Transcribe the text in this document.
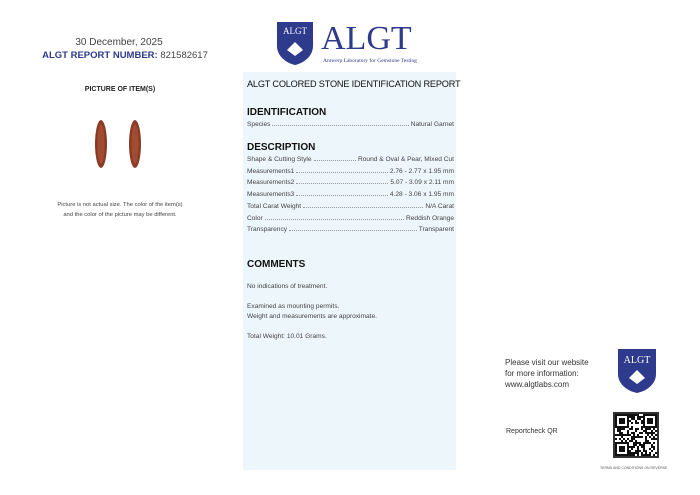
30 December, 2025
ALGT REPORT NUMBER: 821582617
PICTURE OF ITEM(S)
Picture is not actual size. The color of the item(s)
and the color of the picture may be different.
ALGT ALGT
Antwerp Laboratory for Gemstone Testing
ALGT COLORED STONE IDENTIFICATION REPORT
IDENTIFICATION
Species	Natural Garnet
DESCRIPTION
Shape & Cutting Style	Round & Oval & Pear, Mixed Cut
Measurements1	2.76 - 2.77 x 1.95 mm
Measurements2	5.07 - 3.09 x 2.11 mm
Measurements3	4.28 - 3.06 x 1.95 mm
Total Carat Weight	N/A Carat
Color	Reddish Orange
Transparency	Transparent
COMMENTS
No indications of treatment.
Examined as mounting permits.
Weight and measurements are approximate.
Total Weight: 10.01 Grams.
Please visit our website
for more information:
www.algtlabs.com
ALGT
Reportcheck QR
TERMS AND CONDITIONS ON REVERSE
